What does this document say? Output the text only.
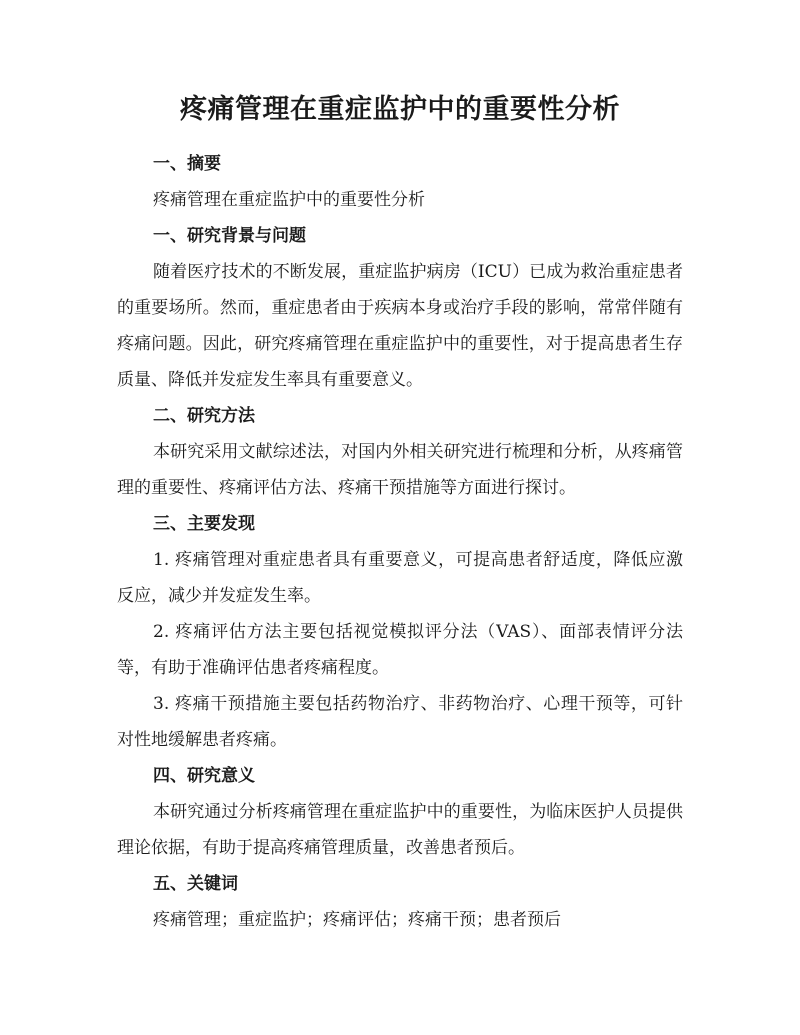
疼痛管理在重症监护中的重要性分析
一、摘要

疼痛管理在重症监护中的重要性分析

一、研究背景与问题

随着医疗技术的不断发展，重症监护病房（ICU）已成为救治重症患者的重要场所。然而，重症患者由于疾病本身或治疗手段的影响，常常伴随有疼痛问题。因此，研究疼痛管理在重症监护中的重要性，对于提高患者生存质量、降低并发症发生率具有重要意义。

二、研究方法

本研究采用文献综述法，对国内外相关研究进行梳理和分析，从疼痛管理的重要性、疼痛评估方法、疼痛干预措施等方面进行探讨。

三、主要发现

1. 疼痛管理对重症患者具有重要意义，可提高患者舒适度，降低应激反应，减少并发症发生率。

2. 疼痛评估方法主要包括视觉模拟评分法（VAS）、面部表情评分法等，有助于准确评估患者疼痛程度。

3. 疼痛干预措施主要包括药物治疗、非药物治疗、心理干预等，可针对性地缓解患者疼痛。

四、研究意义

本研究通过分析疼痛管理在重症监护中的重要性，为临床医护人员提供理论依据，有助于提高疼痛管理质量，改善患者预后。

五、关键词

疼痛管理；重症监护；疼痛评估；疼痛干预；患者预后
